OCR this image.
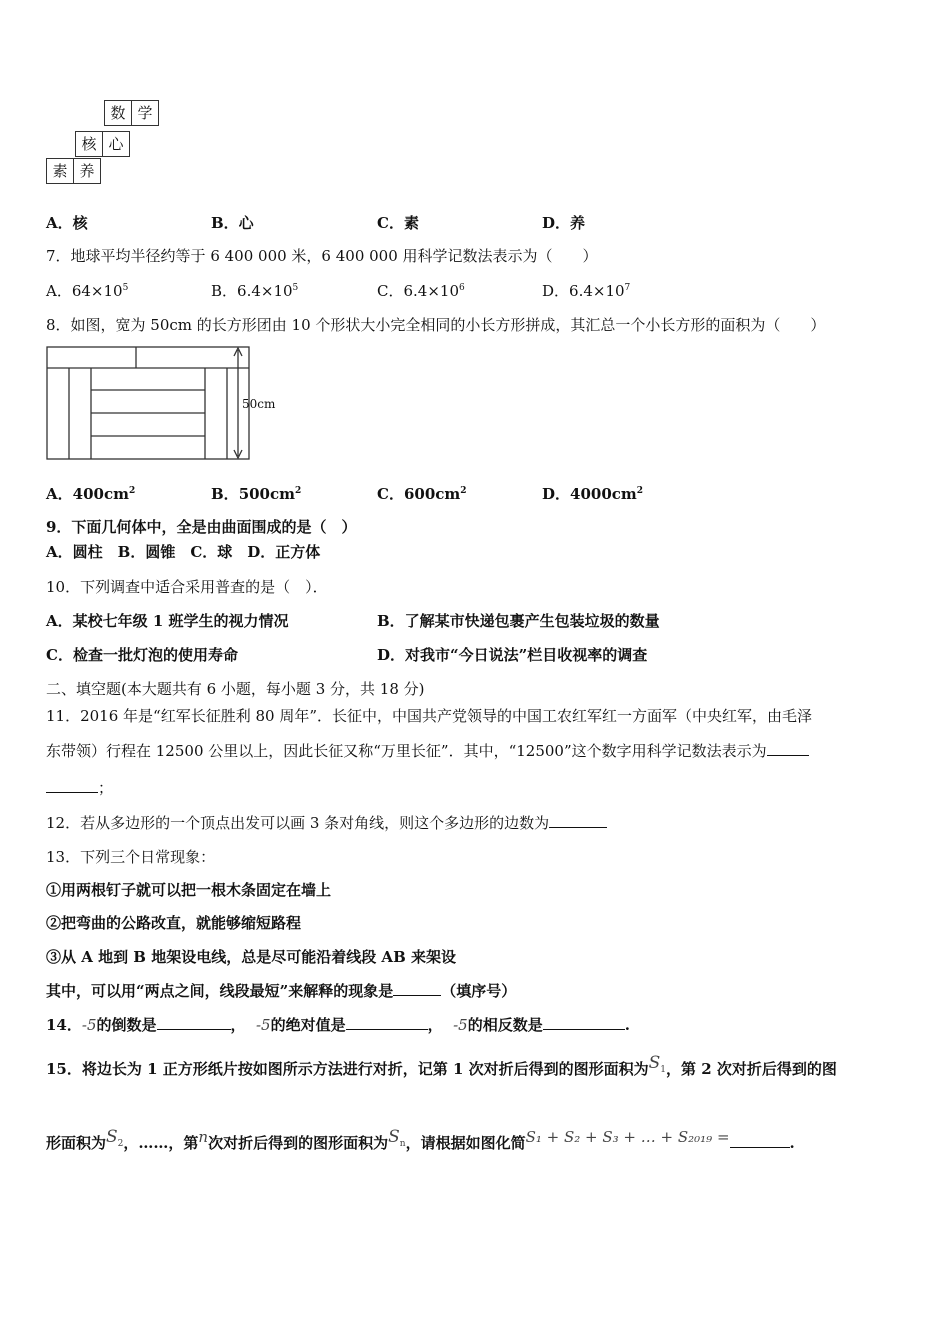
数 学
核 心
素 养
A．核	B．心	C．素	D．养
7．地球平均半径约等于 6 400 000 米，6 400 000 用科学记数法表示为（　　）
A．$64\times 10^5$	B．$6.4\times 10^5$	C．$6.4\times 10^6$	D．$6.4\times 10^7$
8．如图，宽为 50cm 的长方形团由 10 个形状大小完全相同的小长方形拼成，其汇总一个小长方形的面积为（　　）
50cm
A．$400cm^2$	B．$500cm^2$	C．$600cm^2$	D．$4000cm^2$
9．下面几何体中，全是由曲面围成的是（　）
A．圆柱　B．圆锥　C．球　D．正方体
10．下列调查中适合采用普查的是（　）．
A．某校七年级 1 班学生的视力情况	B．了解某市快递包裹产生包装垃圾的数量
C．检查一批灯泡的使用寿命	D．对我市“今日说法”栏目收视率的调查
二、填空题(本大题共有 6 小题，每小题 3 分，共 18 分)
11．2016 年是“红军长征胜利 80 周年”．长征中，中国共产党领导的中国工农红军红一方面军（中央红军，由毛泽
东带领）行程在 12500 公里以上，因此长征又称“万里长征”．其中，“12500”这个数字用科学记数法表示为
；
12．若从多边形的一个顶点出发可以画 3 条对角线，则这个多边形的边数为
13．下列三个日常现象：
①用两根钉子就可以把一根木条固定在墙上
②把弯曲的公路改直，就能够缩短路程
③从 A 地到 B 地架设电线，总是尽可能沿着线段 AB 来架设
其中，可以用“两点之间，线段最短”来解释的现象是	（填序号）
14．-5的倒数是	， -5的绝对值是	， -5的相反数是	.
15．将边长为 1 正方形纸片按如图所示方法进行对折，记第 1 次对折后得到的图形面积为$S_1$，第 2 次对折后得到的图
形面积为$S_2$，……，第n次对折后得到的图形面积为$S_n$，请根据如图化简S₁ + S₂ + S₃ + … + S₂₀₁₉ =	.
